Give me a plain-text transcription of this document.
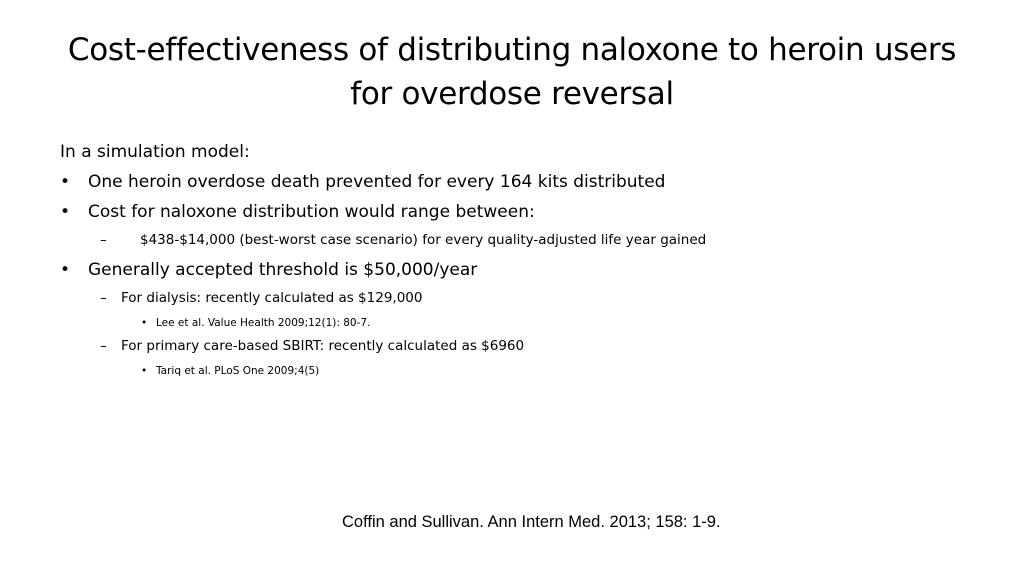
Cost-effectiveness of distributing naloxone to heroin users
for overdose reversal
In a simulation model:
• One heroin overdose death prevented for every 164 kits distributed
• Cost for naloxone distribution would range between:
– $438-$14,000 (best-worst case scenario) for every quality-adjusted life year gained
• Generally accepted threshold is $50,000/year
– For dialysis: recently calculated as $129,000
• Lee et al. Value Health 2009;12(1): 80-7.
– For primary care-based SBIRT: recently calculated as $6960
• Tariq et al. PLoS One 2009;4(5)
Coffin and Sullivan. Ann Intern Med. 2013; 158: 1-9.
